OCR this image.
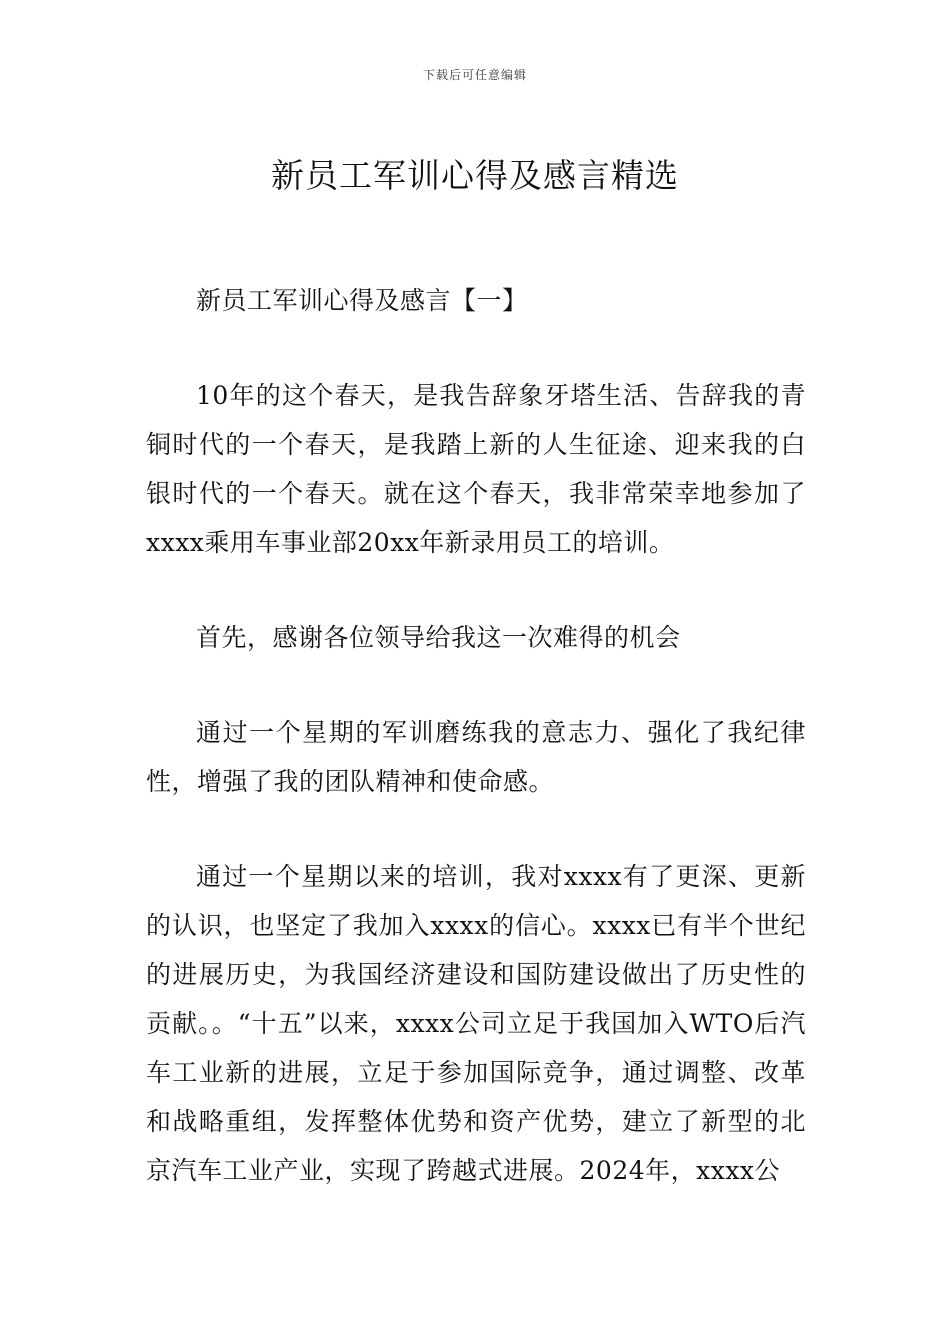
下载后可任意编辑
新员工军训心得及感言精选

新员工军训心得及感言【一】

10年的这个春天，是我告辞象牙塔生活、告辞我的青铜时代的一个春天，是我踏上新的人生征途、迎来我的白银时代的一个春天。就在这个春天，我非常荣幸地参加了xxxx乘用车事业部20xx年新录用员工的培训。

首先，感谢各位领导给我这一次难得的机会

通过一个星期的军训磨练我的意志力、强化了我纪律性，增强了我的团队精神和使命感。

通过一个星期以来的培训，我对xxxx有了更深、更新的认识，也坚定了我加入xxxx的信心。xxxx已有半个世纪的进展历史，为我国经济建设和国防建设做出了历史性的贡献。。“十五”以来，xxxx公司立足于我国加入WTO后汽车工业新的进展，立足于参加国际竞争，通过调整、改革和战略重组，发挥整体优势和资产优势，建立了新型的北京汽车工业产业，实现了跨越式进展。2024年，xxxx公
